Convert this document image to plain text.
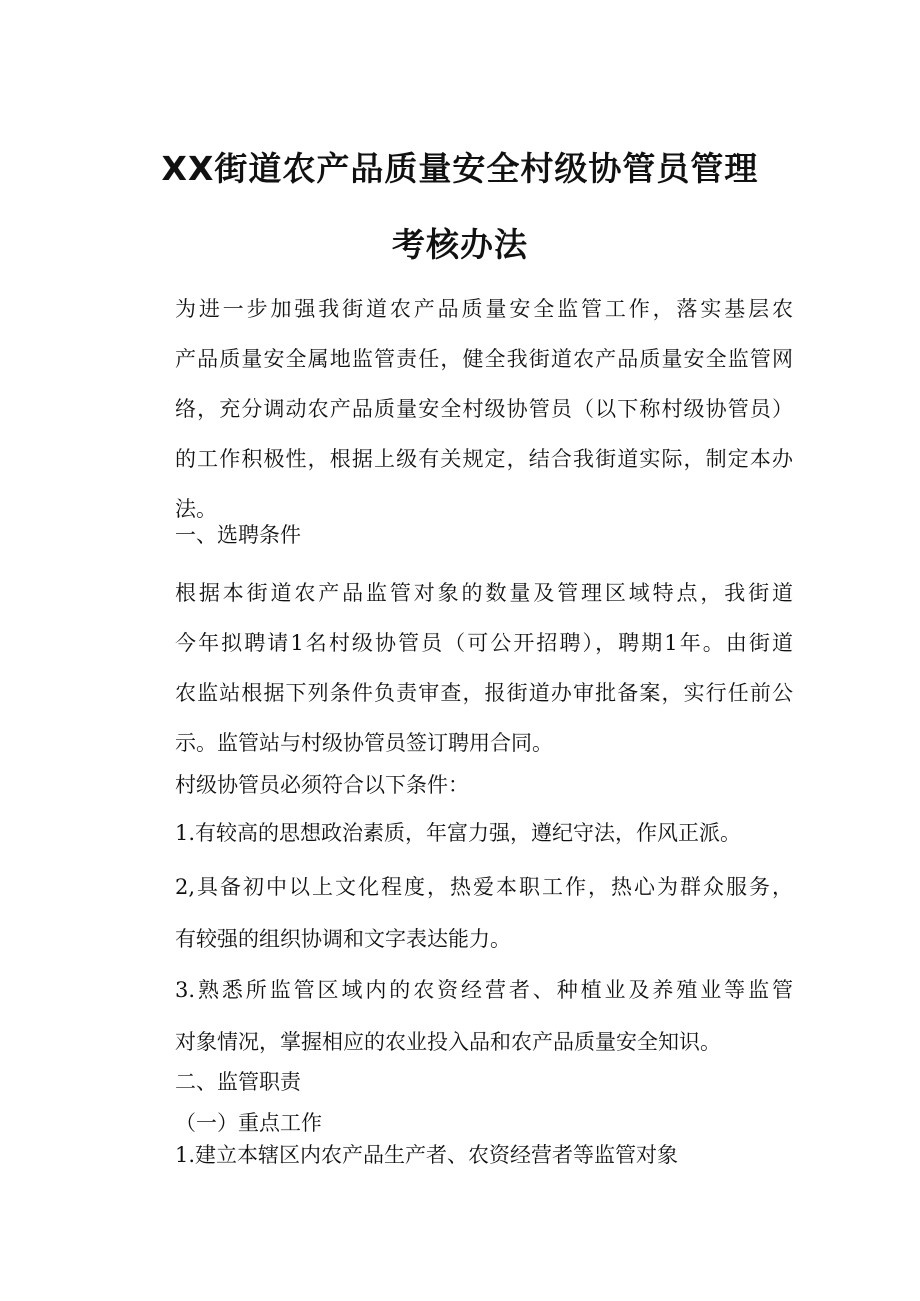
XX街道农产品质量安全村级协管员管理
考核办法
为进一步加强我街道农产品质量安全监管工作，落实基层农
产品质量安全属地监管责任，健全我街道农产品质量安全监管网
络，充分调动农产品质量安全村级协管员（以下称村级协管员）
的工作积极性，根据上级有关规定，结合我街道实际，制定本办
法。
一、选聘条件
根据本街道农产品监管对象的数量及管理区域特点，我街道
今年拟聘请1名村级协管员（可公开招聘），聘期1年。由街道
农监站根据下列条件负责审查，报街道办审批备案，实行任前公
示。监管站与村级协管员签订聘用合同。
村级协管员必须符合以下条件：
1.有较高的思想政治素质，年富力强，遵纪守法，作风正派。
2,具备初中以上文化程度，热爱本职工作，热心为群众服务，
有较强的组织协调和文字表达能力。
3.熟悉所监管区域内的农资经营者、种植业及养殖业等监管
对象情况，掌握相应的农业投入品和农产品质量安全知识。
二、监管职责
（一）重点工作
1.建立本辖区内农产品生产者、农资经营者等监管对象
